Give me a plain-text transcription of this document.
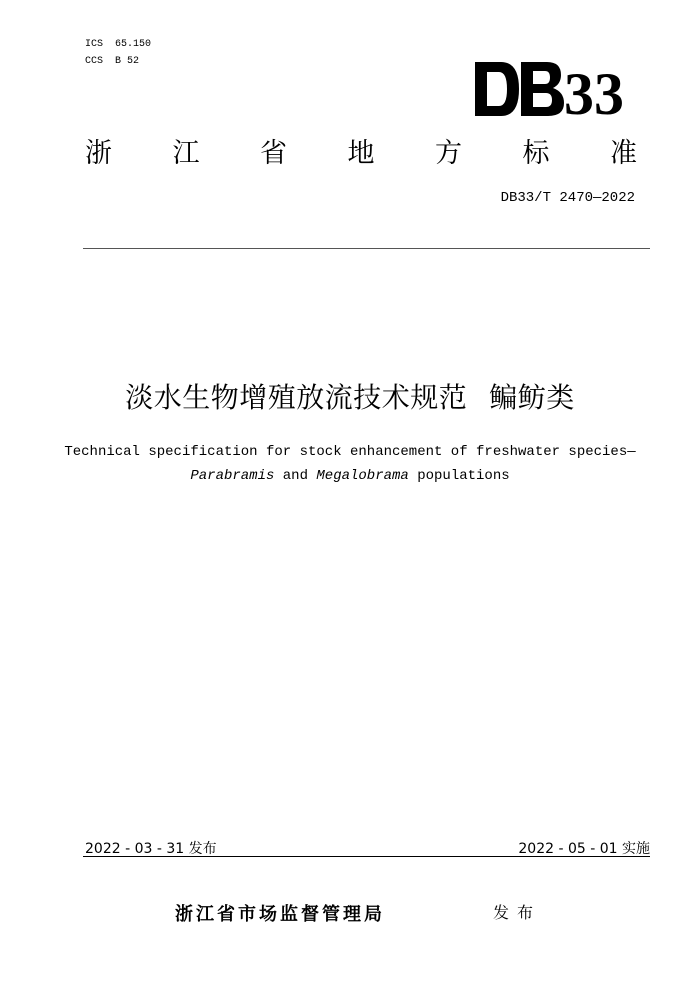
ICS  65.150
CCS  B 52	33
浙 江 省 地 方 标 准
DB33/T 2470—2022
淡水生物增殖放流技术规范 鳊鲂类
Technical specification for stock enhancement of freshwater species—
Parabramis and Megalobrama populations
2022 - 03 - 31 发布	2022 - 05 - 01 实施
浙江省市场监督管理局	发布
